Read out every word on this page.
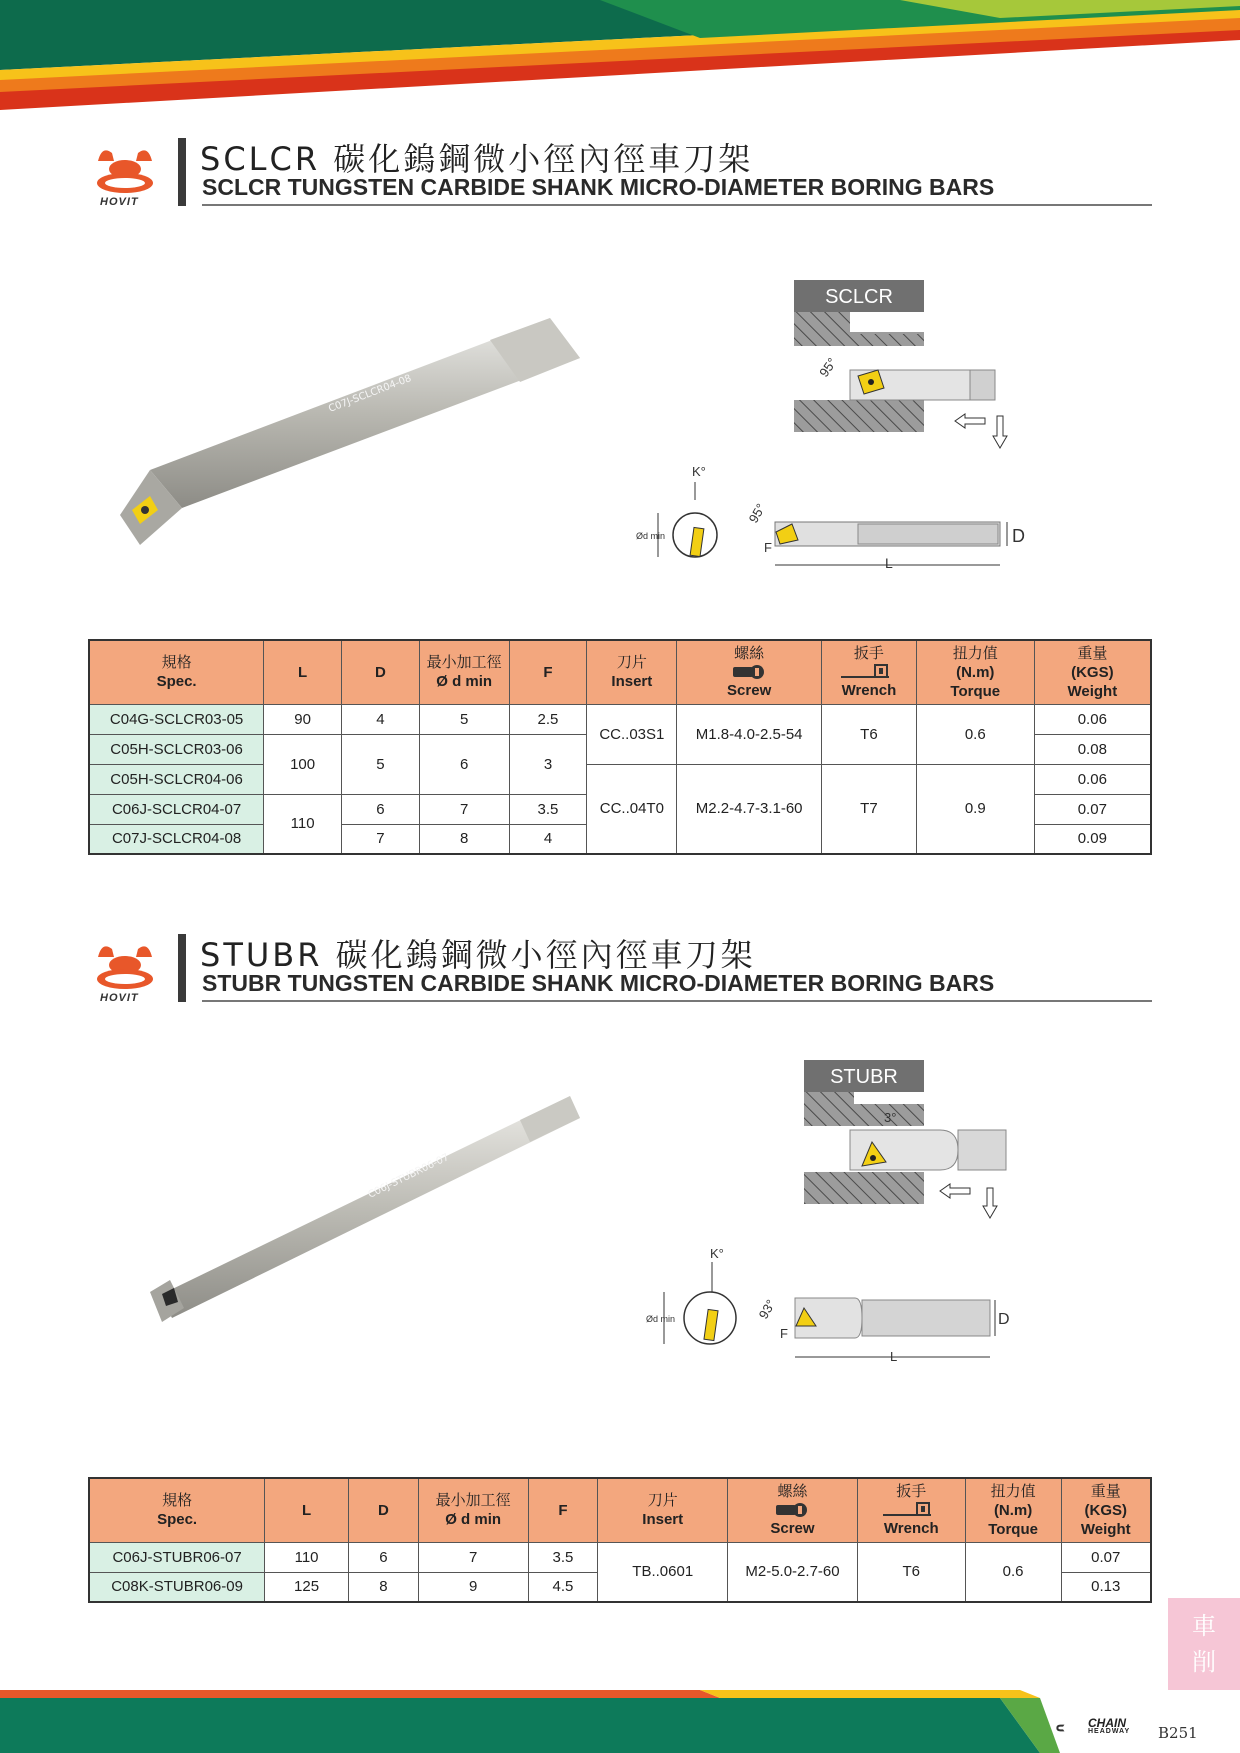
HOVIT
SCLCR 碳化鎢鋼微小徑內徑車刀架
SCLCR TUNGSTEN CARBIDE SHANK MICRO-DIAMETER BORING BARS
C07J-SCLCR04-08
SCLCR
95°
Ød min
K°
95°
L
D
F
規格
Spec.	L	D	最小加工徑
Ø d min	F	刀片
Insert	螺絲
Screw	扳手
Wrench	扭力值
(N.m)
Torque	重量
(KGS)
Weight

C04G-SCLCR03-05	90	4	5	2.5	CC..03S1	M1.8-4.0-2.5-54	T6	0.6	0.06
C05H-SCLCR03-06	100	5	6	3					0.08
C05H-SCLCR04-06					CC..04T0	M2.2-4.7-3.1-60	T7	0.9	0.06
C06J-SCLCR04-07	110	6	7	3.5					0.07
C07J-SCLCR04-08		7	8	4					0.09
HOVIT
STUBR 碳化鎢鋼微小徑內徑車刀架
STUBR TUNGSTEN CARBIDE SHANK MICRO-DIAMETER BORING BARS
C06J-STUBR06-07
STUBR
3°
Ød min
K°
93°
L
D
F
規格
Spec.	L	D	最小加工徑
Ø d min	F	刀片
Insert	螺絲
Screw	扳手
Wrench	扭力值
(N.m)
Torque	重量
(KGS)
Weight

C06J-STUBR06-07	110	6	7	3.5	TB..0601	M2-5.0-2.7-60	T6	0.6	0.07
C08K-STUBR06-09	125	8	9	4.5					0.13
車
削
CHAIN
HEADWAY B251
